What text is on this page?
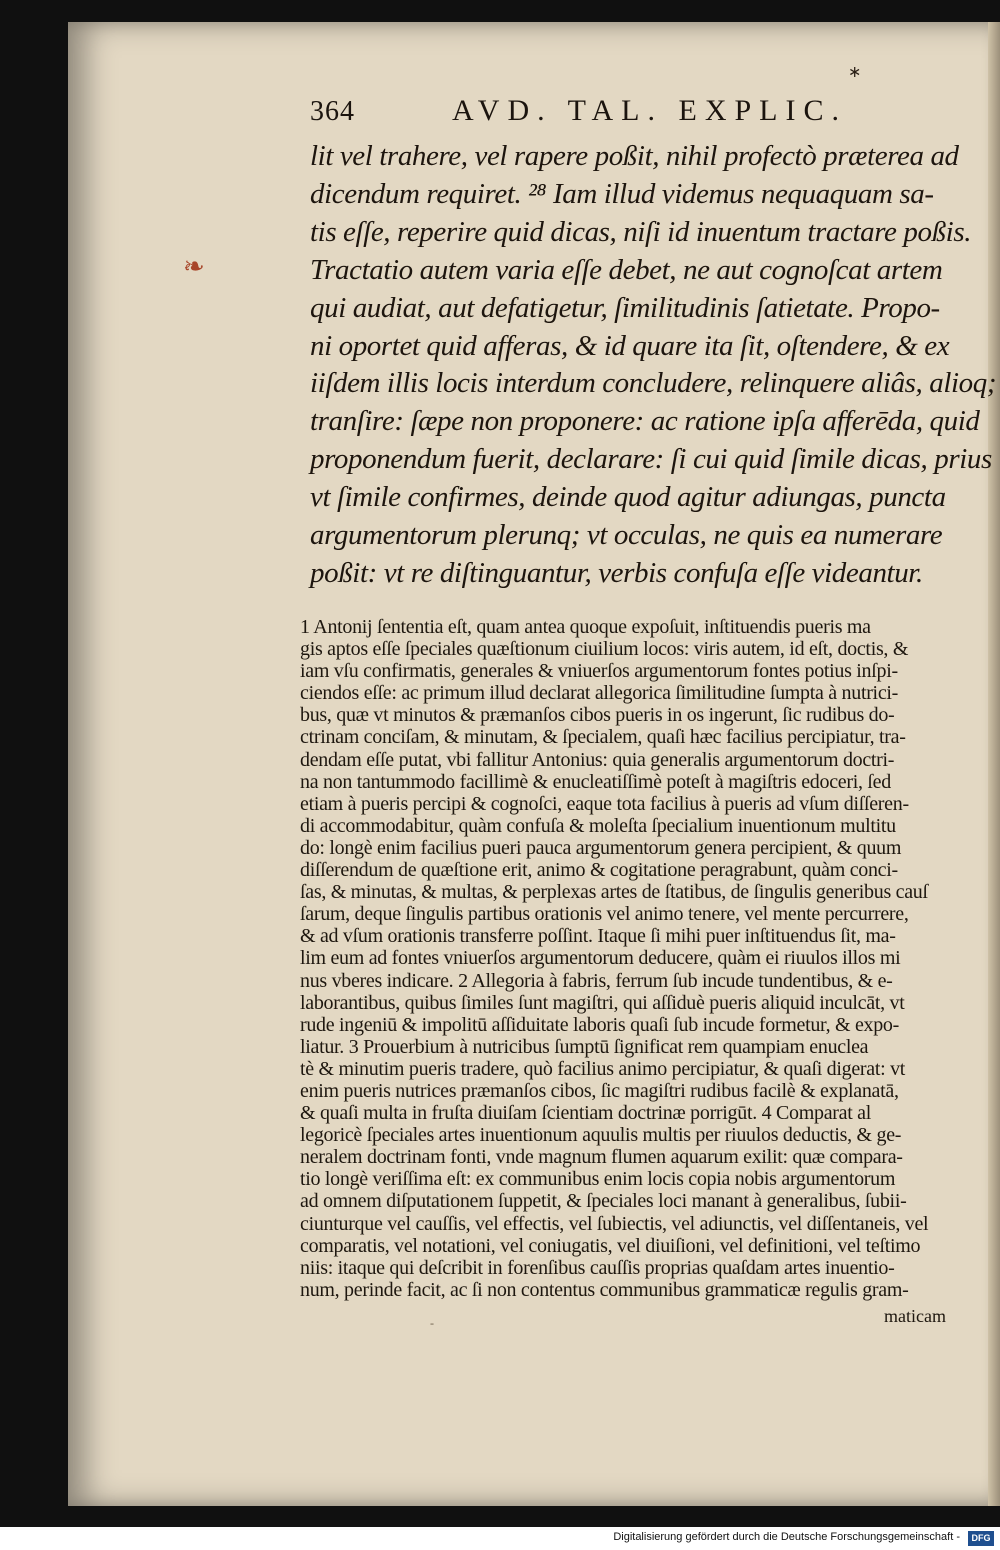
∗
364	AVD. TAL. EXPLIC.
❧
lit vel trahere, vel rapere poßit, nihil profectò præterea ad
dicendum requiret. ²⁸ Iam illud videmus nequaquam sa-
tis eſſe, reperire quid dicas, niſi id inuentum tractare poßis.
Tractatio autem varia eſſe debet, ne aut cognoſcat artem
qui audiat, aut defatigetur, ſimilitudinis ſatietate. Propo-
ni oportet quid afferas, & id quare ita ſit, oſtendere, & ex
iiſdem illis locis interdum concludere, relinquere aliâs, alioq;
tranſire: ſæpe non proponere: ac ratione ipſa afferēda, quid
proponendum fuerit, declarare: ſi cui quid ſimile dicas, prius
vt ſimile confirmes, deinde quod agitur adiungas, puncta
argumentorum plerunq; vt occulas, ne quis ea numerare
poßit: vt re diſtinguantur, verbis confuſa eſſe videantur.
1 Antonij ſententia eſt, quam antea quoque expoſuit, inſtituendis pueris ma
gis aptos eſſe ſpeciales quæſtionum ciuilium locos: viris autem, id eſt, doctis, &
iam vſu confirmatis, generales & vniuerſos argumentorum fontes potius inſpi-
ciendos eſſe: ac primum illud declarat allegorica ſimilitudine ſumpta à nutrici-
bus, quæ vt minutos & præmanſos cibos pueris in os ingerunt, ſic rudibus do-
ctrinam conciſam, & minutam, & ſpecialem, quaſi hæc facilius percipiatur, tra-
dendam eſſe putat, vbi fallitur Antonius: quia generalis argumentorum doctri-
na non tantummodo facillimè & enucleatiſſimè poteſt à magiſtris edoceri, ſed
etiam à pueris percipi & cognoſci, eaque tota facilius à pueris ad vſum diſſeren-
di accommodabitur, quàm confuſa & moleſta ſpecialium inuentionum multitu
do: longè enim facilius pueri pauca argumentorum genera percipient, & quum
diſſerendum de quæſtione erit, animo & cogitatione peragrabunt, quàm conci-
ſas, & minutas, & multas, & perplexas artes de ſtatibus, de ſingulis generibus cauſ
ſarum, deque ſingulis partibus orationis vel animo tenere, vel mente percurrere,
& ad vſum orationis transferre poſſint. Itaque ſi mihi puer inſtituendus ſit, ma-
lim eum ad fontes vniuerſos argumentorum deducere, quàm ei riuulos illos mi
nus vberes indicare. 2 Allegoria à fabris, ferrum ſub incude tundentibus, & e-
laborantibus, quibus ſimiles ſunt magiſtri, qui aſſiduè pueris aliquid inculcāt, vt
rude ingeniū & impolitū aſſiduitate laboris quaſi ſub incude formetur, & expo-
liatur. 3 Prouerbium à nutricibus ſumptū ſignificat rem quampiam enuclea
tè & minutim pueris tradere, quò facilius animo percipiatur, & quaſi digerat: vt
enim pueris nutrices præmanſos cibos, ſic magiſtri rudibus facilè & explanatā,
& quaſi multa in fruſta diuiſam ſcientiam doctrinæ porrigūt. 4 Comparat al
legoricè ſpeciales artes inuentionum aquulis multis per riuulos deductis, & ge-
neralem doctrinam fonti, vnde magnum flumen aquarum exilit: quæ compara-
tio longè veriſſima eſt: ex communibus enim locis copia nobis argumentorum
ad omnem diſputationem ſuppetit, & ſpeciales loci manant à generalibus, ſubii-
ciunturque vel cauſſis, vel effectis, vel ſubiectis, vel adiunctis, vel diſſentaneis, vel
comparatis, vel notationi, vel coniugatis, vel diuiſioni, vel definitioni, vel teſtimo
niis: itaque qui deſcribit in forenſibus cauſſis proprias quaſdam artes inuentio-
num, perinde facit, ac ſi non contentus communibus grammaticæ regulis gram-
‑	maticam
Digitalisierung gefördert durch die Deutsche Forschungsgemeinschaft -	DFG
